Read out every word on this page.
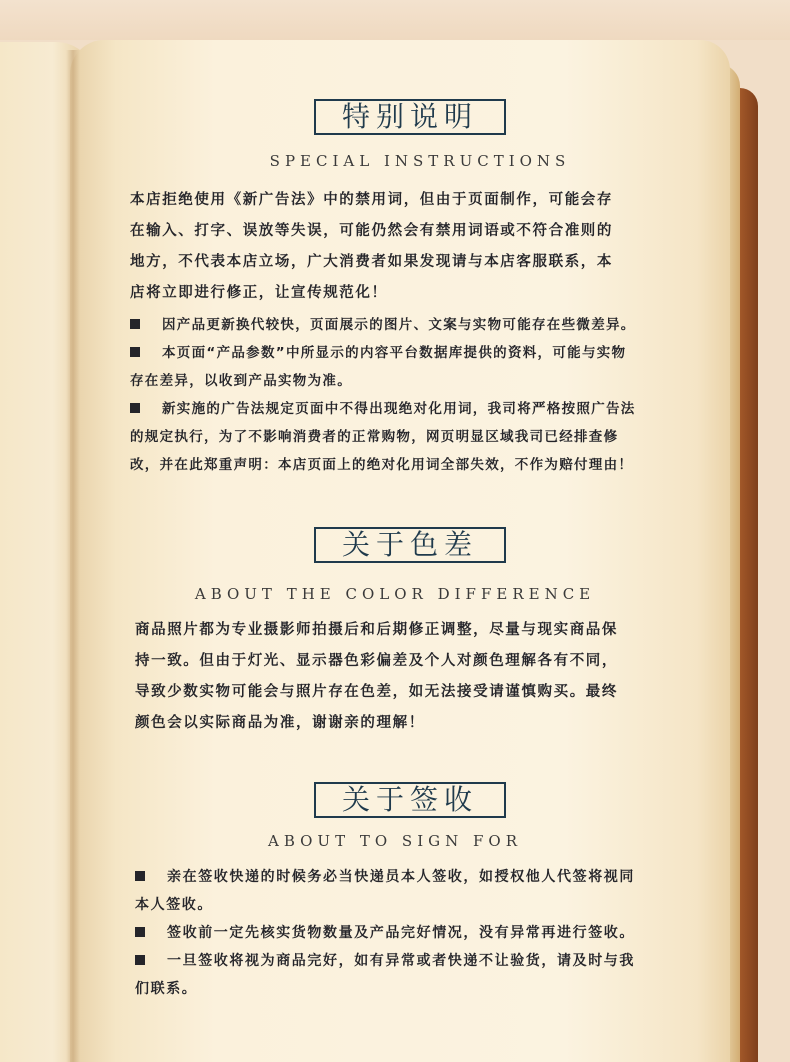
特别说明
SPECIAL INSTRUCTIONS
本店拒绝使用《新广告法》中的禁用词，但由于页面制作，可能会存
在输入、打字、误放等失误，可能仍然会有禁用词语或不符合准则的
地方，不代表本店立场，广大消费者如果发现请与本店客服联系，本
店将立即进行修正，让宣传规范化！
因产品更新换代较快，页面展示的图片、文案与实物可能存在些微差异。
本页面“产品参数”中所显示的内容平台数据库提供的资料，可能与实物
存在差异，以收到产品实物为准。
新实施的广告法规定页面中不得出现绝对化用词，我司将严格按照广告法
的规定执行，为了不影响消费者的正常购物，网页明显区域我司已经排查修
改，并在此郑重声明：本店页面上的绝对化用词全部失效，不作为赔付理由！
关于色差
ABOUT THE COLOR DIFFERENCE
商品照片都为专业摄影师拍摄后和后期修正调整，尽量与现实商品保
持一致。但由于灯光、显示器色彩偏差及个人对颜色理解各有不同，
导致少数实物可能会与照片存在色差，如无法接受请谨慎购买。最终
颜色会以实际商品为准，谢谢亲的理解！
关于签收
ABOUT TO SIGN FOR
亲在签收快递的时候务必当快递员本人签收，如授权他人代签将视同
本人签收。
签收前一定先核实货物数量及产品完好情况，没有异常再进行签收。
一旦签收将视为商品完好，如有异常或者快递不让验货，请及时与我
们联系。
